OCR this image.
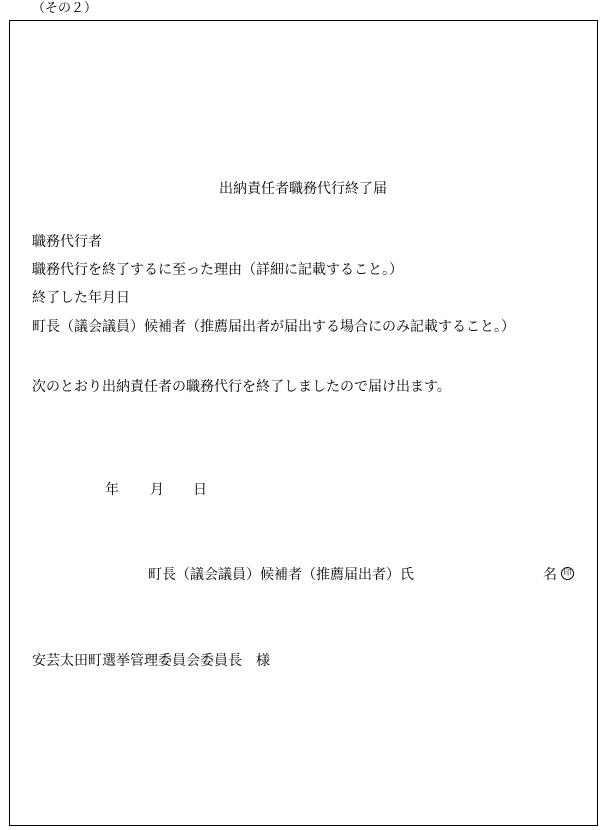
（その２）
出納責任者職務代行終了届
職務代行者
職務代行を終了するに至った理由（詳細に記載すること。）
終了した年月日
町長（議会議員）候補者（推薦届出者が届出する場合にのみ記載すること。）
次のとおり出納責任者の職務代行を終了しましたので届け出ます。
年 月 日
町長（議会議員）候補者（推薦届出者）氏	名 印
安芸太田町選挙管理委員会委員長　様
